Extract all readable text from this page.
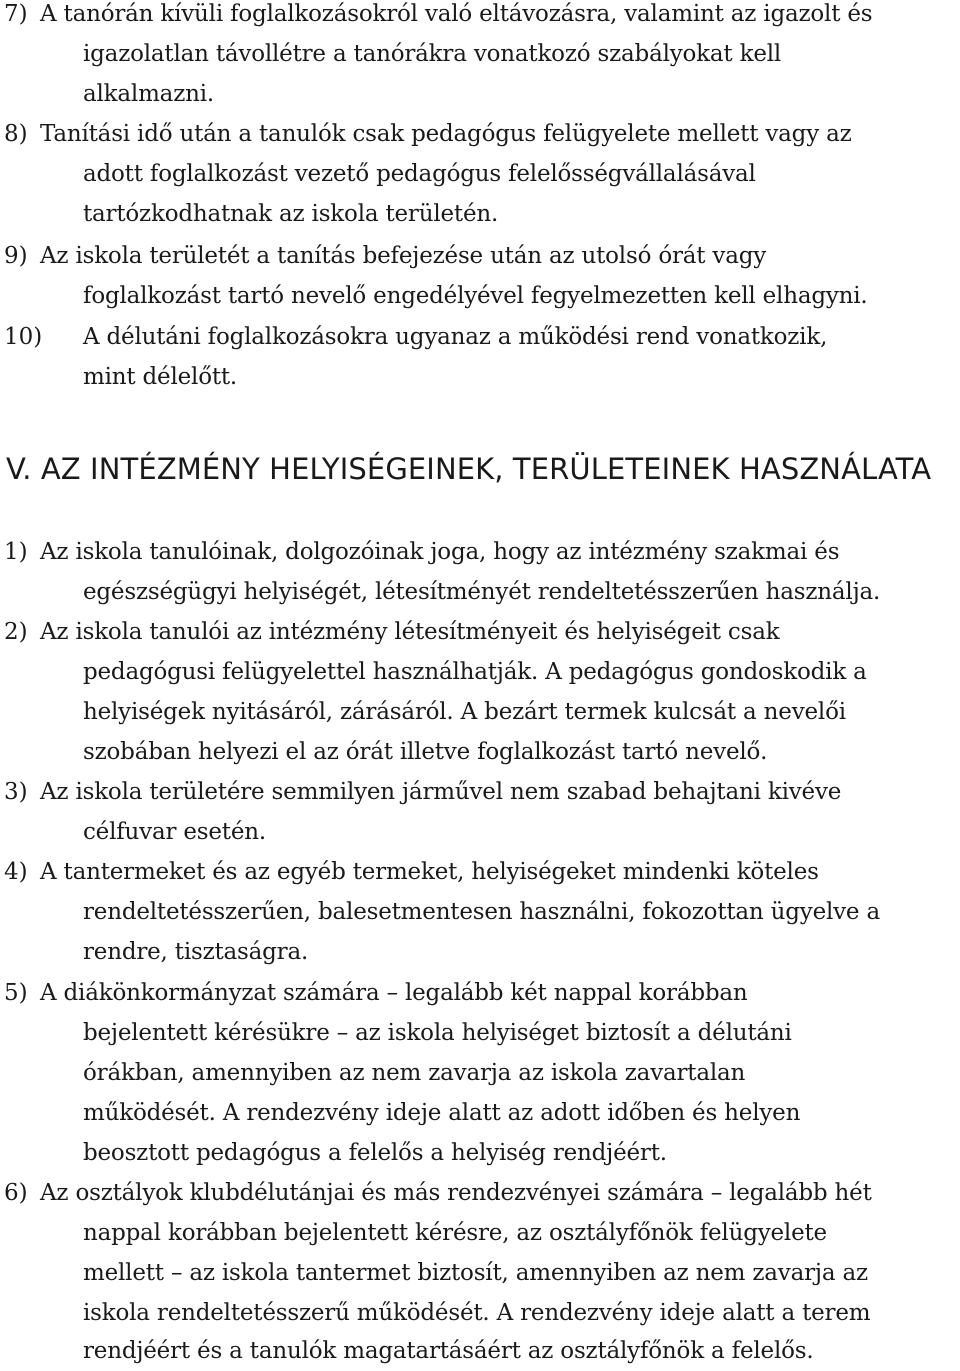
7) A tanórán kívüli foglalkozásokról való eltávozásra, valamint az igazolt és
igazolatlan távollétre a tanórákra vonatkozó szabályokat kell
alkalmazni.
8) Tanítási idő után a tanulók csak pedagógus felügyelete mellett vagy az
adott foglalkozást vezető pedagógus felelősségvállalásával
tartózkodhatnak az iskola területén.
9) Az iskola területét a tanítás befejezése után az utolsó órát vagy
foglalkozást tartó nevelő engedélyével fegyelmezetten kell elhagyni.
10) A délutáni foglalkozásokra ugyanaz a működési rend vonatkozik,
mint délelőtt.
V. AZ INTÉZMÉNY HELYISÉGEINEK, TERÜLETEINEK HASZNÁLATA
1) Az iskola tanulóinak, dolgozóinak joga, hogy az intézmény szakmai és
egészségügyi helyiségét, létesítményét rendeltetésszerűen használja.
2) Az iskola tanulói az intézmény létesítményeit és helyiségeit csak
pedagógusi felügyelettel használhatják. A pedagógus gondoskodik a
helyiségek nyitásáról, zárásáról. A bezárt termek kulcsát a nevelői
szobában helyezi el az órát illetve foglalkozást tartó nevelő.
3) Az iskola területére semmilyen járművel nem szabad behajtani kivéve
célfuvar esetén.
4) A tantermeket és az egyéb termeket, helyiségeket mindenki köteles
rendeltetésszerűen, balesetmentesen használni, fokozottan ügyelve a
rendre, tisztaságra.
5) A diákönkormányzat számára – legalább két nappal korábban
bejelentett kérésükre – az iskola helyiséget biztosít a délutáni
órákban, amennyiben az nem zavarja az iskola zavartalan
működését. A rendezvény ideje alatt az adott időben és helyen
beosztott pedagógus a felelős a helyiség rendjéért.
6) Az osztályok klubdélutánjai és más rendezvényei számára – legalább hét
nappal korábban bejelentett kérésre, az osztályfőnök felügyelete
mellett – az iskola tantermet biztosít, amennyiben az nem zavarja az
iskola rendeltetésszerű működését. A rendezvény ideje alatt a terem
rendjéért és a tanulók magatartásáért az osztályfőnök a felelős.
